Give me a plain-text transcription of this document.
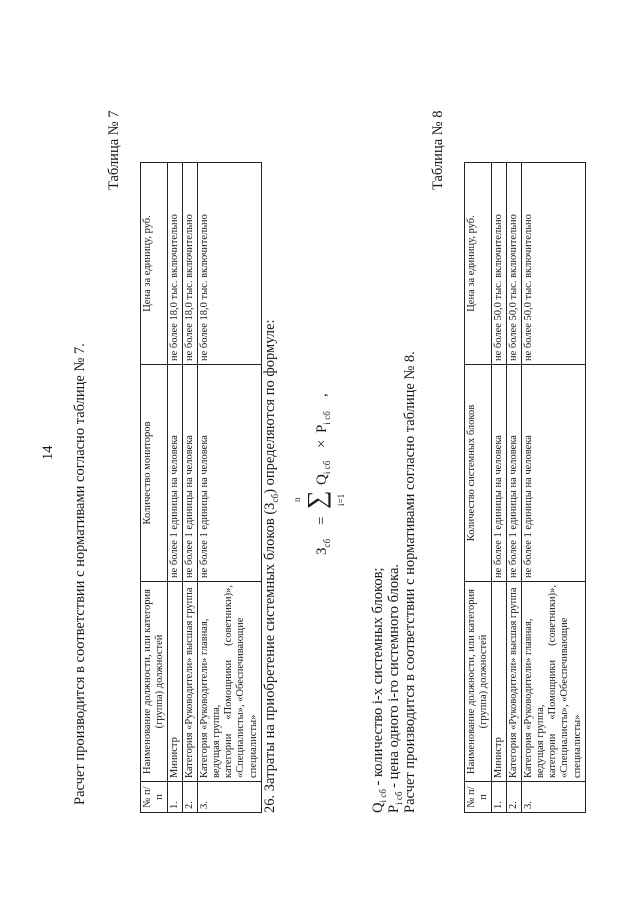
14 Расчет производится в соответствии с нормативами согласно таблице № 7.
Таблица № 7
№ п/п	Наименование должности, или категория (группа) должностей	Количество мониторов	Цена за единицу, руб.
1.	Министр	не более 1 единицы на человека	не более 18,0 тыс. включительно
2.	Категория «Руководители» высшая группа	не более 1 единицы на человека	не более 18,0 тыс. включительно
3.	Категория «Руководители» главная, ведущая группа, категории
«Помощники
(советники)»,
«Специалисты», «Обеспечивающие специалисты»	не более 1 единицы на человека	не более 18,0 тыс. включительно
26. Затраты на приобретение системных блоков $(З_{сб})$ определяются по формуле:
$З_{сб}$
=
n ∑ i=1
$Q_{i сб}$
×
$P_{i сб}$
,
$Q_{i сб}$ - количество i-х системных блоков;
$P_{i сб}$ - цена одного i-го системного блока. Расчет производится в соответствии с нормативами согласно таблице № 8.
Таблица № 8
№ п/п	Наименование должности, или категория (группа) должностей	Количество системных блоков	Цена за единицу, руб.
1.	Министр	не более 1 единицы на человека	не более 50,0 тыс. включительно
2.	Категория «Руководители» высшая группа	не более 1 единицы на человека	не более 50,0 тыс. включительно
3.	Категория «Руководители» главная, ведущая группа, категории
«Помощники
(советники)»,
«Специалисты», «Обеспечивающие специалисты»	не более 1 единицы на человека	не более 50,0 тыс. включительно
